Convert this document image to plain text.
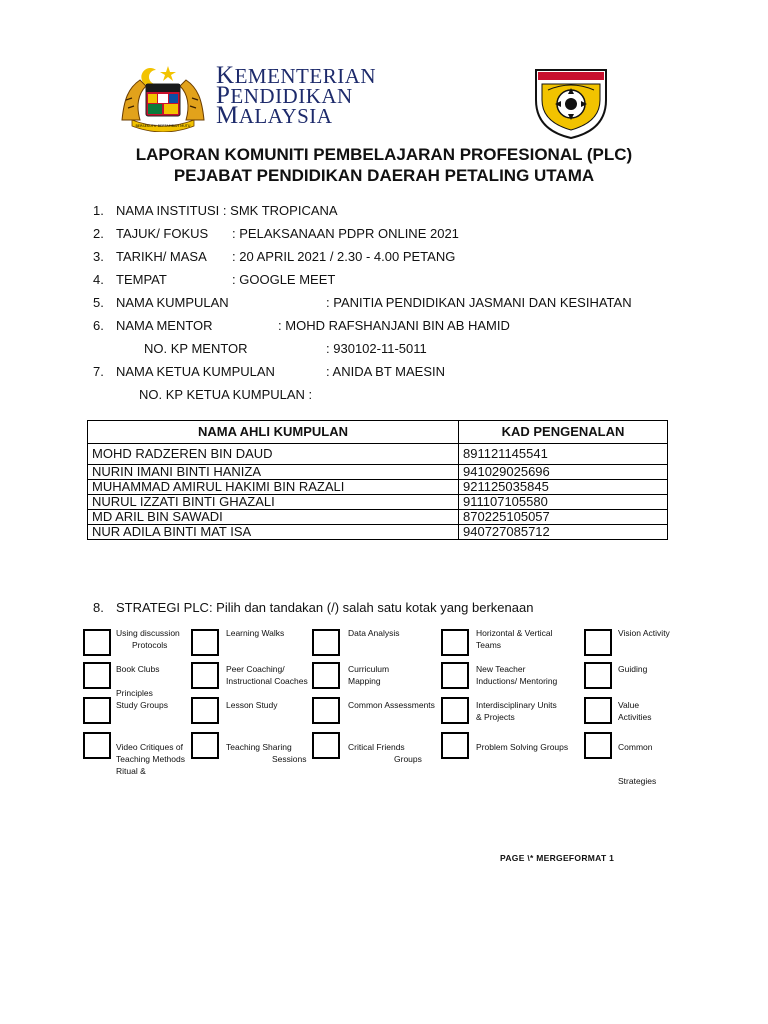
BERSEKUTU BERTAMBAH MUTU
KEMENTERIAN
PENDIDIKAN
MALAYSIA
LAPORAN KOMUNITI PEMBELAJARAN PROFESIONAL (PLC)
PEJABAT PENDIDIKAN DAERAH PETALING UTAMA
1. NAMA INSTITUSI : SMK TROPICANA
2. TAJUK/ FOKUS : PELAKSANAAN PDPR ONLINE 2021
3. TARIKH/ MASA : 20 APRIL 2021 / 2.30 - 4.00 PETANG
4. TEMPAT	: GOOGLE MEET
5. NAMA KUMPULAN	: PANITIA PENDIDIKAN JASMANI DAN KESIHATAN
6. NAMA MENTOR	: MOHD RAFSHANJANI BIN AB HAMID
NO. KP MENTOR	: 930102-11-5011
7. NAMA KETUA KUMPULAN	: ANIDA BT MAESIN
NO. KP KETUA KUMPULAN :
NAMA AHLI KUMPULAN	KAD PENGENALAN
MOHD RADZEREN BIN DAUD	891121145541
NURIN IMANI BINTI HANIZA	941029025696
MUHAMMAD AMIRUL HAKIMI BIN RAZALI	921125035845
NURUL IZZATI BINTI GHAZALI	911107105580
MD ARIL BIN SAWADI	870225105057
NUR ADILA BINTI MAT ISA	940727085712
8. STRATEGI PLC: Pilih dan tandakan (/) salah satu kotak yang berkenaan
Using discussion
Protocols
Learning Walks	Data Analysis	Horizontal & Vertical
Teams
Vision Activity
Book Clubs	Peer Coaching/
Instructional Coaches
Curriculum
Mapping
New Teacher
Inductions/ Mentoring
Guiding
Principles
Study Groups	Lesson Study	Common Assessments	Interdisciplinary Units
& Projects
Value
Activities
Video Critiques of
Teaching Methods
Ritual &
Teaching Sharing
Sessions
Critical Friends
Groups
Problem Solving Groups	Common
Strategies
PAGE \* MERGEFORMAT 1
